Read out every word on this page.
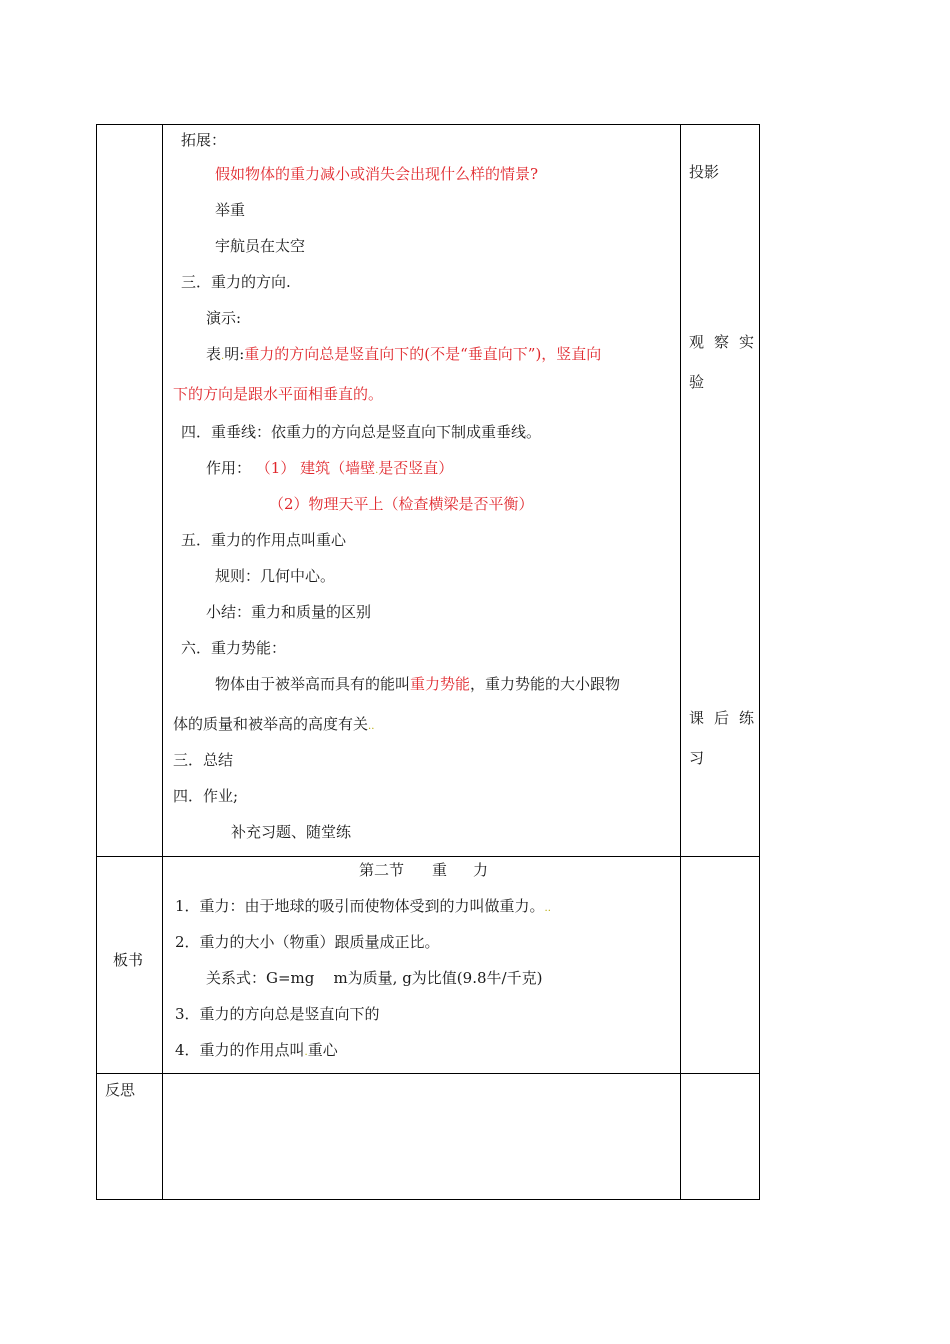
拓展：
假如物体的重力减小或消失会出现什么样的情景?
举重
宇航员在太空
三．重力的方向.
演示:
表.明:重力的方向总是竖直向下的(不是“垂直向下”)，竖直向
下的方向是跟水平面相垂直的。
四．重垂线：依重力的方向总是竖直向下制成重垂线。
作用： （1） 建筑（墙壁.是否竖直）
（2）物理天平上（检查横梁是否平衡）
五．重力的作用点叫重心
规则：几何中心。
小结：重力和质量的区别
六．重力势能：
物体由于被举高而具有的能叫重力势能，重力势能的大小跟物
体的质量和被举高的高度有关..
三．总结
四．作业;
补充习题、随堂练
投影
观察实
验
课后练
习
板书
第二节 重 力
1．重力：由于地球的吸引而使物体受到的力叫做重力。..
2．重力的大小（物重）跟质量成正比。
关系式：G=mg    m为质量, g为比值(9.8牛/千克)
3．重力的方向总是竖直向下的
4．重力的作用点叫.重心
反思
